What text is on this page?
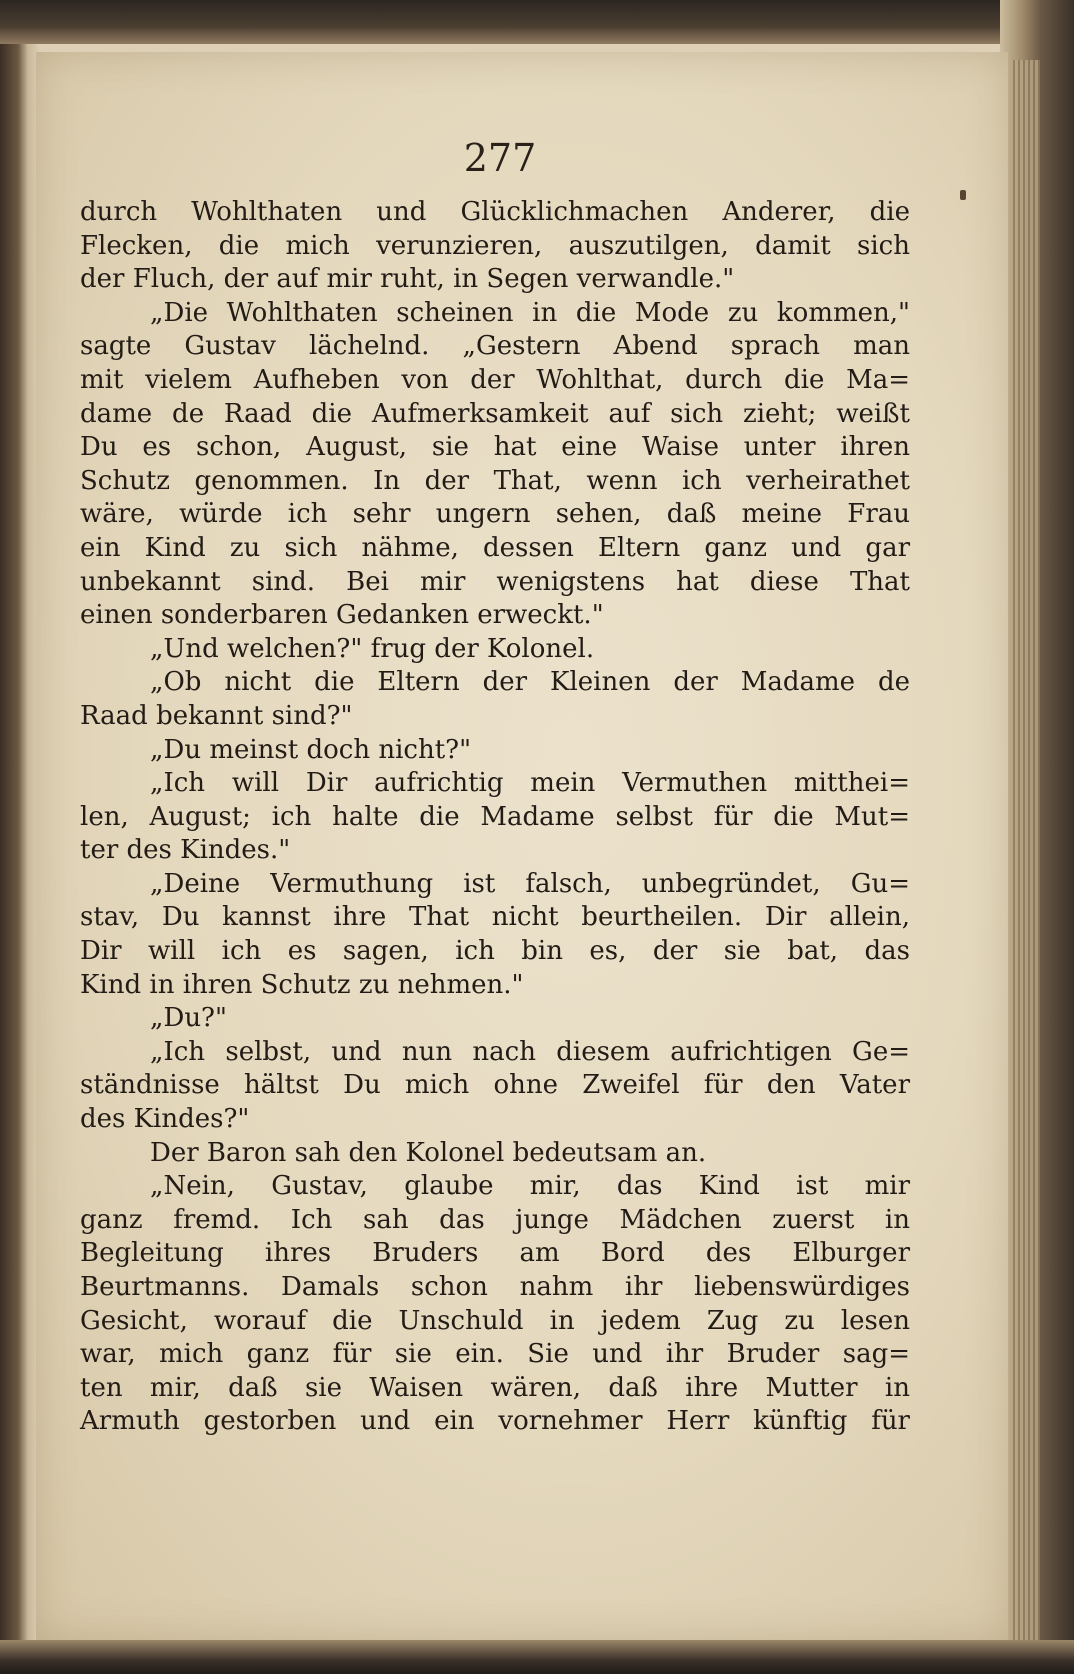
277
durch Wohlthaten und Glücklichmachen Anderer, die
Flecken, die mich verunzieren, auszutilgen, damit sich
der Fluch, der auf mir ruht, in Segen verwandle."
„Die Wohlthaten scheinen in die Mode zu kommen,"
sagte Gustav lächelnd. „Gestern Abend sprach man
mit vielem Aufheben von der Wohlthat, durch die Ma=
dame de Raad die Aufmerksamkeit auf sich zieht; weißt
Du es schon, August, sie hat eine Waise unter ihren
Schutz genommen. In der That, wenn ich verheirathet
wäre, würde ich sehr ungern sehen, daß meine Frau
ein Kind zu sich nähme, dessen Eltern ganz und gar
unbekannt sind. Bei mir wenigstens hat diese That
einen sonderbaren Gedanken erweckt."
„Und welchen?" frug der Kolonel.
„Ob nicht die Eltern der Kleinen der Madame de
Raad bekannt sind?"
„Du meinst doch nicht?"
„Ich will Dir aufrichtig mein Vermuthen mitthei=
len, August; ich halte die Madame selbst für die Mut=
ter des Kindes."
„Deine Vermuthung ist falsch, unbegründet, Gu=
stav, Du kannst ihre That nicht beurtheilen. Dir allein,
Dir will ich es sagen, ich bin es, der sie bat, das
Kind in ihren Schutz zu nehmen."
„Du?"
„Ich selbst, und nun nach diesem aufrichtigen Ge=
ständnisse hältst Du mich ohne Zweifel für den Vater
des Kindes?"
Der Baron sah den Kolonel bedeutsam an.
„Nein, Gustav, glaube mir, das Kind ist mir
ganz fremd. Ich sah das junge Mädchen zuerst in
Begleitung ihres Bruders am Bord des Elburger
Beurtmanns. Damals schon nahm ihr liebenswürdiges
Gesicht, worauf die Unschuld in jedem Zug zu lesen
war, mich ganz für sie ein. Sie und ihr Bruder sag=
ten mir, daß sie Waisen wären, daß ihre Mutter in
Armuth gestorben und ein vornehmer Herr künftig für
